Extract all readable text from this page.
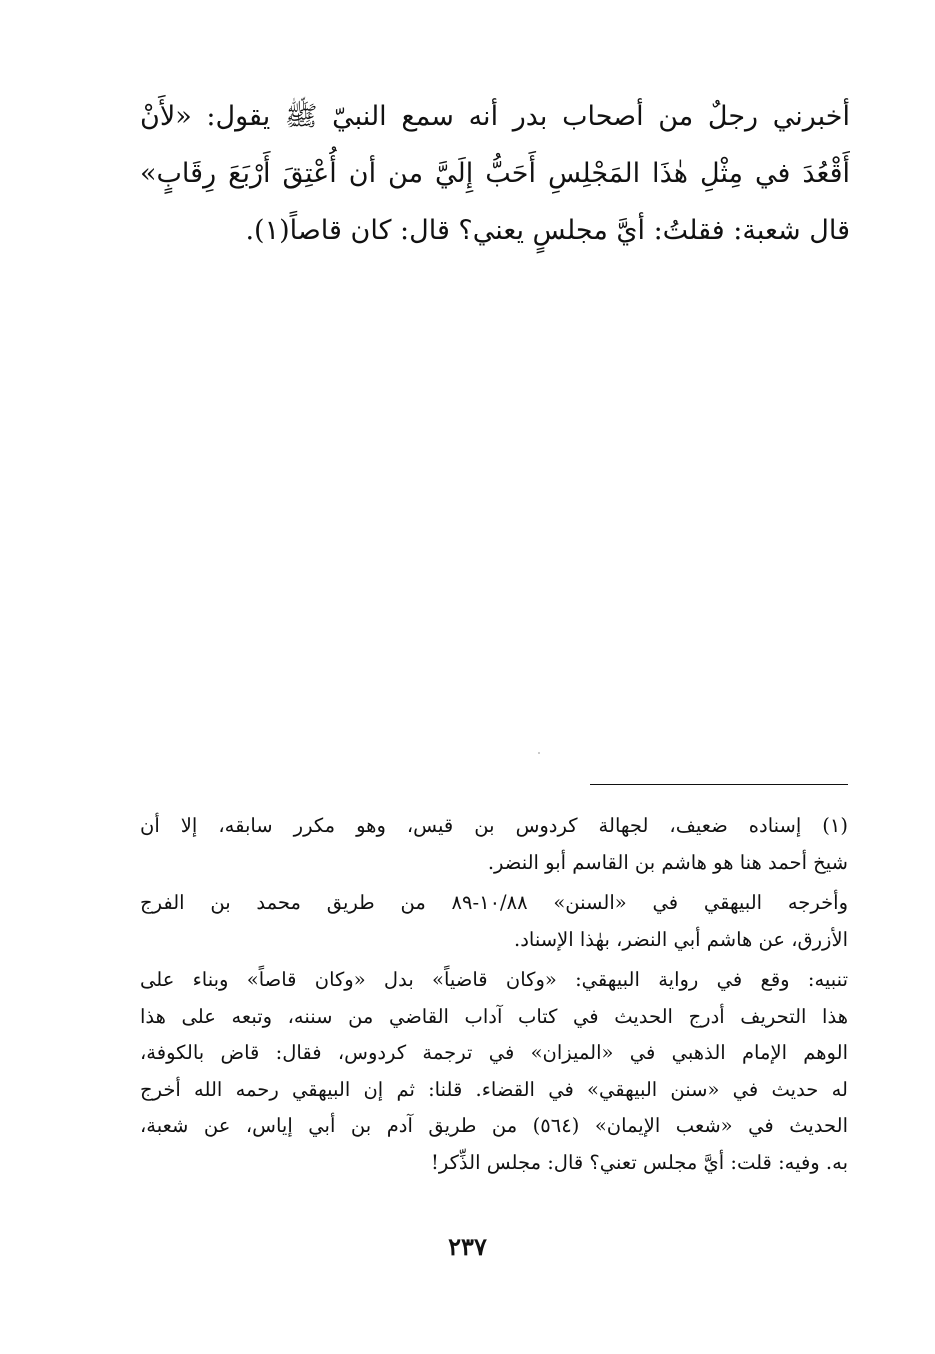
أخبرني رجلٌ من أصحاب بدر أنه سمع النبيّ ﷺ يقول: «لأَنْ
أَقْعُدَ في مِثْلِ هٰذَا المَجْلِسِ أَحَبُّ إِلَيَّ من أن أُعْتِقَ أَرْبَعَ رِقَابٍ»
قال شعبة: فقلتُ: أيَّ مجلسٍ يعني؟ قال: كان قاصاً(١).
(١) إسناده ضعيف، لجهالة كردوس بن قيس، وهو مكرر سابقه، إلا أن
شيخ أحمد هنا هو هاشم بن القاسم أبو النضر.
وأخرجه البيهقي في «السنن» ١٠/٨٨-٨٩ من طريق محمد بن الفرج
الأزرق، عن هاشم أبي النضر، بهٰذا الإسناد.
تنبيه: وقع في رواية البيهقي: «وكان قاضياً» بدل «وكان قاصاً» وبناء على
هذا التحريف أدرج الحديث في كتاب آداب القاضي من سننه، وتبعه على هذا
الوهم الإمام الذهبي في «الميزان» في ترجمة كردوس، فقال: قاض بالكوفة،
له حديث في «سنن البيهقي» في القضاء. قلنا: ثم إن البيهقي رحمه الله أخرج
الحديث في «شعب الإيمان» (٥٦٤) من طريق آدم بن أبي إياس، عن شعبة،
به. وفيه: قلت: أيَّ مجلس تعني؟ قال: مجلس الذِّكر!
٢٣٧
